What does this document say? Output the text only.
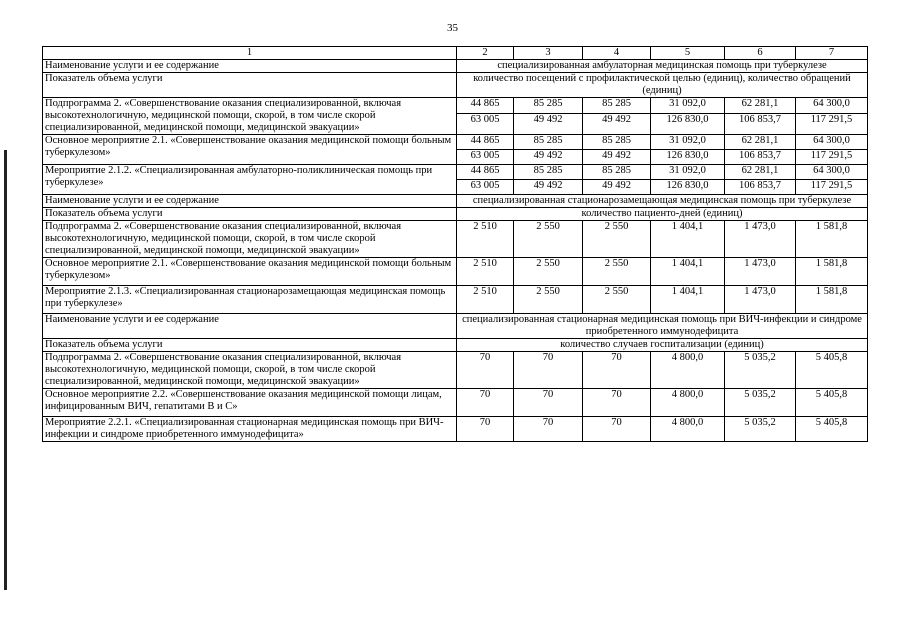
35
1	2	3	4	5	6	7
Наименование услуги и ее содержание	специализированная амбулаторная медицинская помощь при туберкулезе					
Показатель объема услуги	количество посещений с профилактической целью (единиц), количество обращений (единиц)					
Подпрограмма 2. «Совершенствование оказания специализированной, включая высокотехнологичную, медицинской помощи, скорой, в том числе скорой специализированной, медицинской помощи, медицинской эвакуации»	44 865	85 285	85 285	31 092,0	62 281,1	64 300,0
	63 005	49 492	49 492	126 830,0	106 853,7	117 291,5
Основное мероприятие 2.1. «Совершенствование оказания медицинской помощи больным туберкулезом»	44 865	85 285	85 285	31 092,0	62 281,1	64 300,0
	63 005	49 492	49 492	126 830,0	106 853,7	117 291,5
Мероприятие 2.1.2. «Специализированная амбулаторно-поликлиническая помощь при туберкулезе»	44 865	85 285	85 285	31 092,0	62 281,1	64 300,0
	63 005	49 492	49 492	126 830,0	106 853,7	117 291,5
Наименование услуги и ее содержание	специализированная стационарозамещающая медицинская помощь при туберкулезе					
Показатель объема услуги	количество пациенто-дней (единиц)					
Подпрограмма 2. «Совершенствование оказания специализированной, включая высокотехнологичную, медицинской помощи, скорой, в том числе скорой специализированной, медицинской помощи, медицинской эвакуации»	2 510	2 550	2 550	1 404,1	1 473,0	1 581,8
Основное мероприятие 2.1. «Совершенствование оказания медицинской помощи больным туберкулезом»	2 510	2 550	2 550	1 404,1	1 473,0	1 581,8
Мероприятие 2.1.3. «Специализированная стационарозамещающая медицинская помощь при туберкулезе»	2 510	2 550	2 550	1 404,1	1 473,0	1 581,8
Наименование услуги и ее содержание	специализированная стационарная медицинская помощь при ВИЧ-инфекции и синдроме приобретенного иммунодефицита					
Показатель объема услуги	количество случаев госпитализации (единиц)					
Подпрограмма 2. «Совершенствование оказания специализированной, включая высокотехнологичную, медицинской помощи, скорой, в том числе скорой специализированной, медицинской помощи, медицинской эвакуации»	70	70	70	4 800,0	5 035,2	5 405,8
Основное мероприятие 2.2. «Совершенствование оказания медицинской помощи лицам, инфицированным ВИЧ, гепатитами В и С»	70	70	70	4 800,0	5 035,2	5 405,8
Мероприятие 2.2.1. «Специализированная стационарная медицинская помощь при ВИЧ-инфекции и синдроме приобретенного иммунодефицита»	70	70	70	4 800,0	5 035,2	5 405,8
